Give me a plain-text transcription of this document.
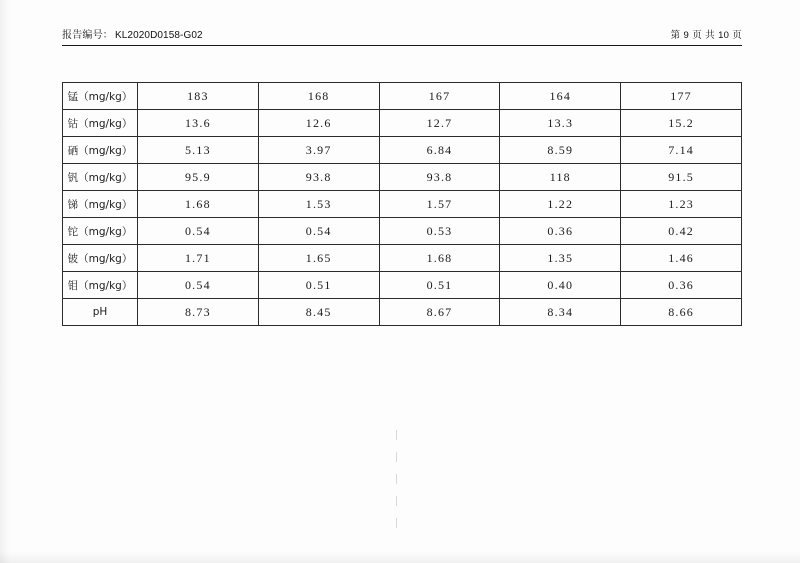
报告编号： KL2020D0158-G02	第 9 页 共 10 页
锰（mg/kg）	183	168	167	164	177
钴（mg/kg）	13.6	12.6	12.7	13.3	15.2
硒（mg/kg）	5.13	3.97	6.84	8.59	7.14
钒（mg/kg）	95.9	93.8	93.8	118	91.5
锑（mg/kg）	1.68	1.53	1.57	1.22	1.23
铊（mg/kg）	0.54	0.54	0.53	0.36	0.42
铍（mg/kg）	1.71	1.65	1.68	1.35	1.46
钼（mg/kg）	0.54	0.51	0.51	0.40	0.36
pH	8.73	8.45	8.67	8.34	8.66
